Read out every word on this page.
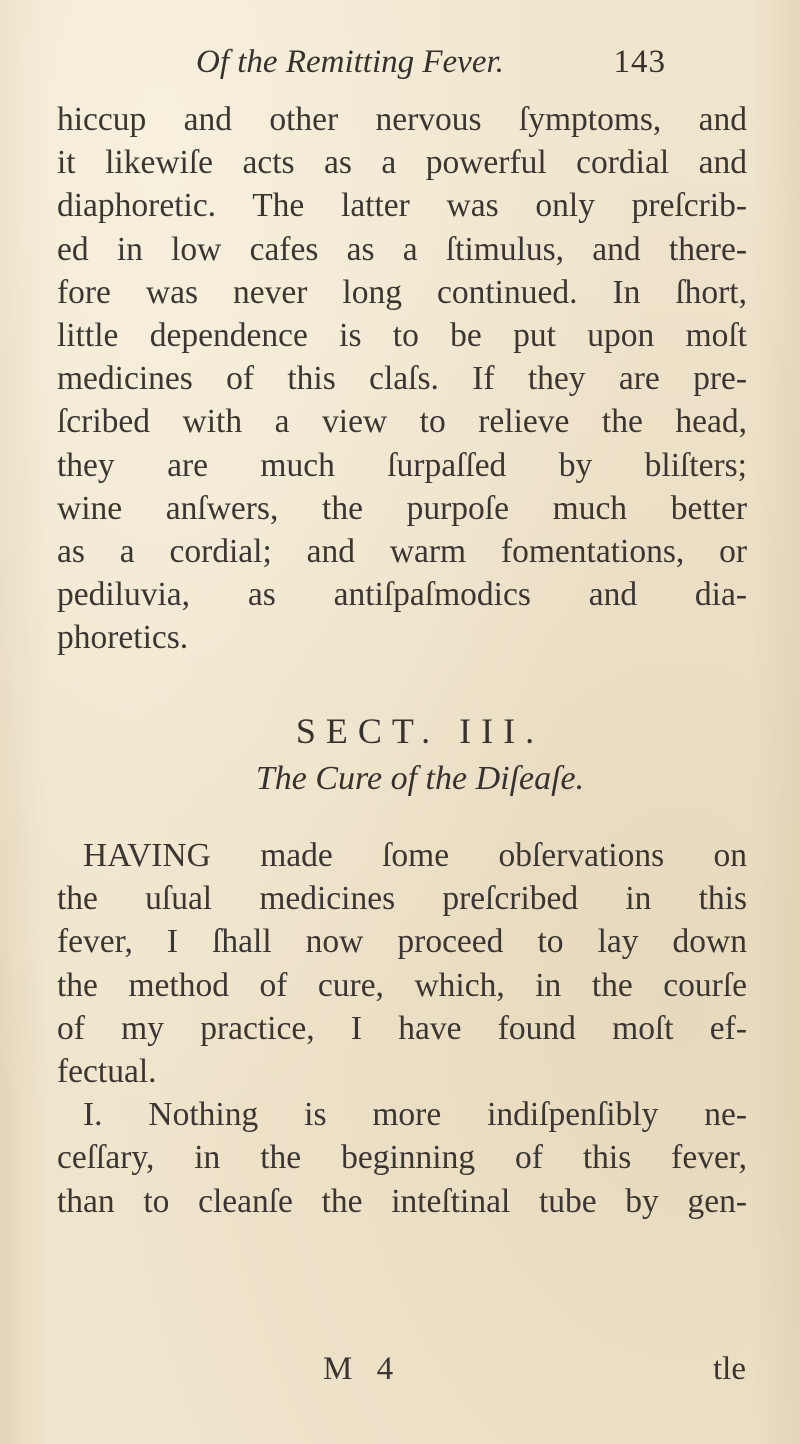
Of the Remitting Fever.	143
hiccup and other nervous ſymptoms, and
it likewiſe acts as a powerful cordial and
diaphoretic. The latter was only preſcrib-
ed in low cafes as a ſtimulus, and there-
fore was never long continued. In ſhort,
little dependence is to be put upon moſt
medicines of this claſs. If they are pre-
ſcribed with a view to relieve the head,
they are much ſurpaſſed by bliſters;
wine anſwers, the purpoſe much better
as a cordial; and warm fomentations, or
pediluvia, as antiſpaſmodics and dia-
phoretics.
SECT. III.
The Cure of the Diſeaſe.
HAVING made ſome obſervations on
the uſual medicines preſcribed in this
fever, I ſhall now proceed to lay down
the method of cure, which, in the courſe
of my practice, I have found moſt ef-
fectual.
I. Nothing is more indiſpenſibly ne-
ceſſary, in the beginning of this fever,
than to cleanſe the inteſtinal tube by gen-
M 4	tle
